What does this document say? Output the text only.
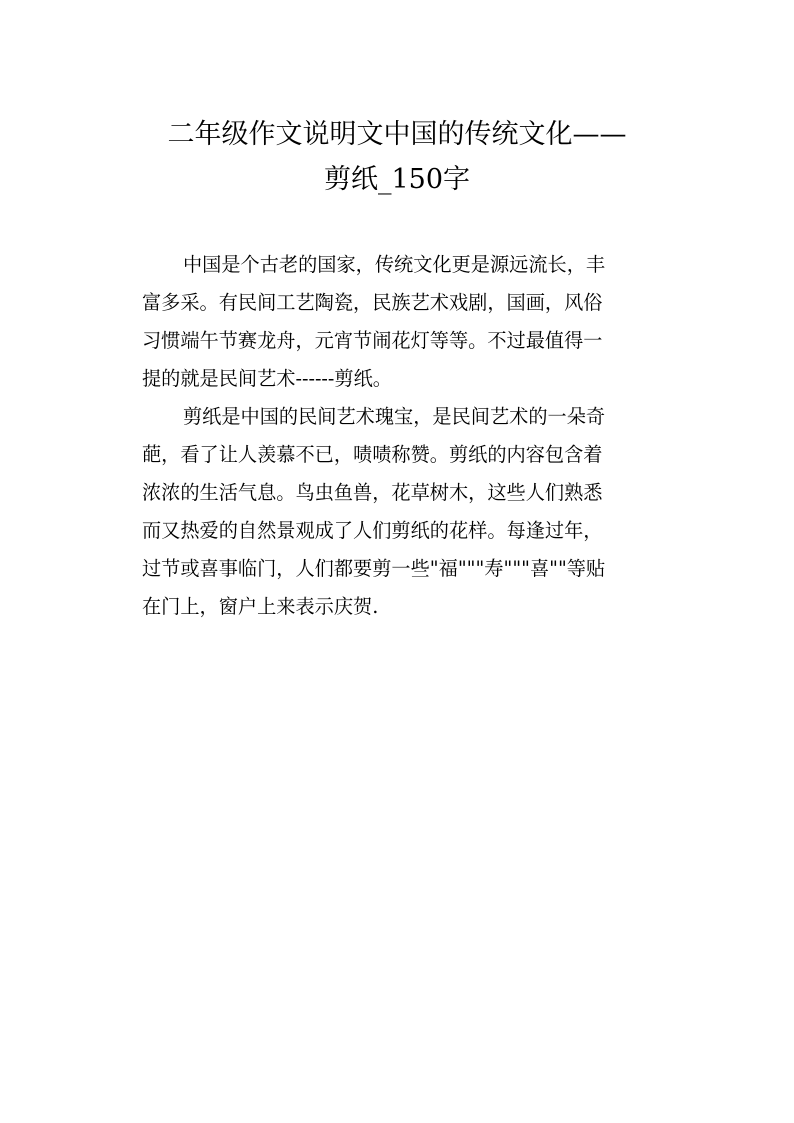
二年级作文说明文中国的传统文化——
剪纸_150字

中国是个古老的国家，传统文化更是源远流长，丰
富多采。有民间工艺陶瓷，民族艺术戏剧，国画，风俗
习惯端午节赛龙舟，元宵节闹花灯等等。不过最值得一
提的就是民间艺术------剪纸。

剪纸是中国的民间艺术瑰宝，是民间艺术的一朵奇
葩，看了让人羡慕不已，啧啧称赞。剪纸的内容包含着
浓浓的生活气息。鸟虫鱼兽，花草树木，这些人们熟悉
而又热爱的自然景观成了人们剪纸的花样。每逢过年，
过节或喜事临门，人们都要剪一些"福"""寿"""喜""等贴
在门上，窗户上来表示庆贺.
